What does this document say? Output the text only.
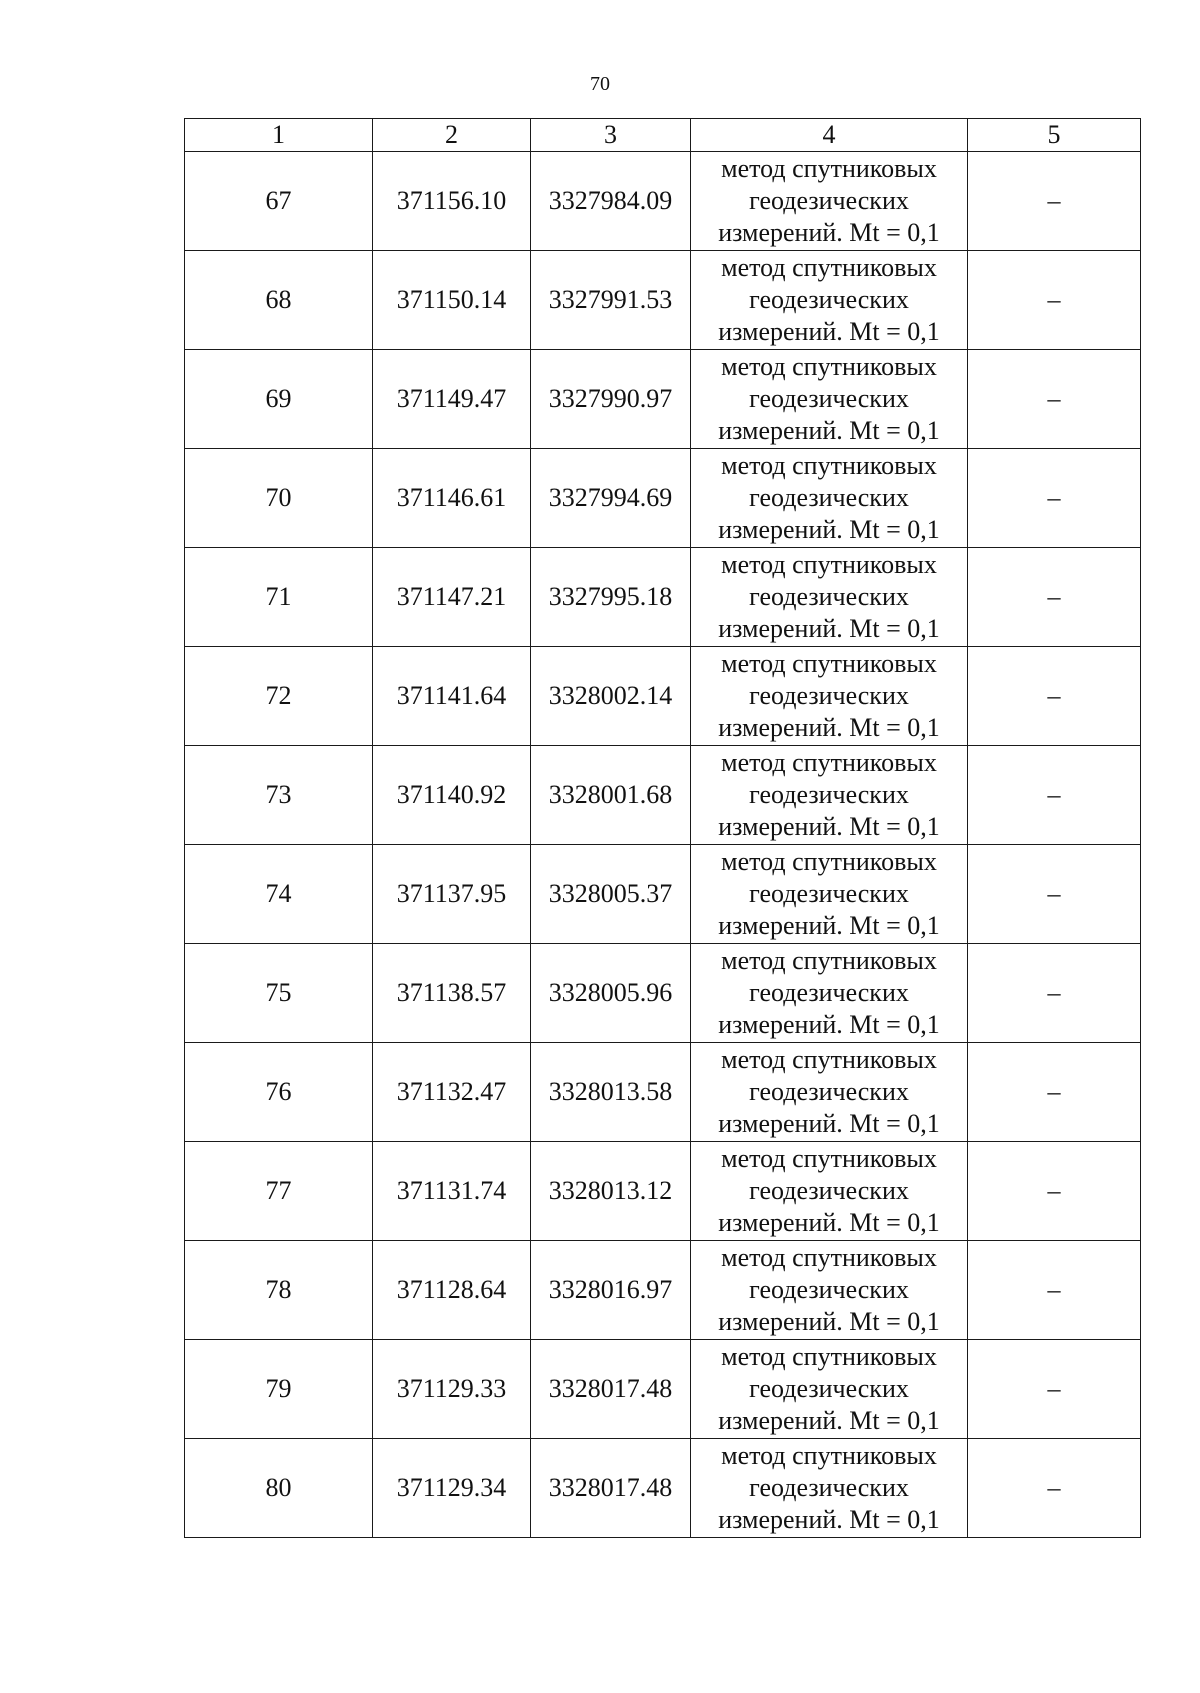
70
1	2	3	4	5
67	371156.10	3327984.09	метод спутниковых
геодезических
измерений. Mt = 0,1	–
68	371150.14	3327991.53	метод спутниковых
геодезических
измерений. Mt = 0,1	–
69	371149.47	3327990.97	метод спутниковых
геодезических
измерений. Mt = 0,1	–
70	371146.61	3327994.69	метод спутниковых
геодезических
измерений. Mt = 0,1	–
71	371147.21	3327995.18	метод спутниковых
геодезических
измерений. Mt = 0,1	–
72	371141.64	3328002.14	метод спутниковых
геодезических
измерений. Mt = 0,1	–
73	371140.92	3328001.68	метод спутниковых
геодезических
измерений. Mt = 0,1	–
74	371137.95	3328005.37	метод спутниковых
геодезических
измерений. Mt = 0,1	–
75	371138.57	3328005.96	метод спутниковых
геодезических
измерений. Mt = 0,1	–
76	371132.47	3328013.58	метод спутниковых
геодезических
измерений. Mt = 0,1	–
77	371131.74	3328013.12	метод спутниковых
геодезических
измерений. Mt = 0,1	–
78	371128.64	3328016.97	метод спутниковых
геодезических
измерений. Mt = 0,1	–
79	371129.33	3328017.48	метод спутниковых
геодезических
измерений. Mt = 0,1	–
80	371129.34	3328017.48	метод спутниковых
геодезических
измерений. Mt = 0,1	–
